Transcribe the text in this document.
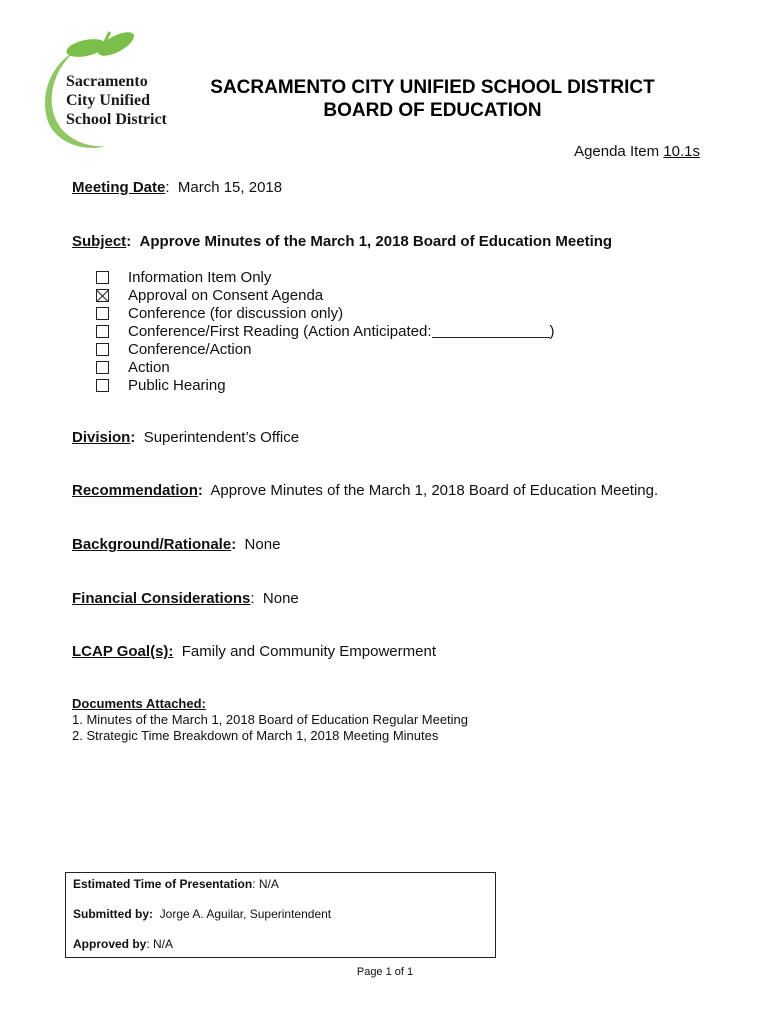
Sacramento
City Unified
School District
SACRAMENTO CITY UNIFIED SCHOOL DISTRICT
BOARD OF EDUCATION
Agenda Item 10.1s
Meeting Date: March 15, 2018
Subject: Approve Minutes of the March 1, 2018 Board of Education Meeting
Information Item Only
Approval on Consent Agenda
Conference (for discussion only)
Conference/First Reading (Action Anticipated:	)
Conference/Action
Action
Public Hearing
Division: Superintendent’s Office
Recommendation: Approve Minutes of the March 1, 2018 Board of Education Meeting.
Background/Rationale: None
Financial Considerations: None
LCAP Goal(s): Family and Community Empowerment
Documents Attached:
1. Minutes of the March 1, 2018 Board of Education Regular Meeting
2. Strategic Time Breakdown of March 1, 2018 Meeting Minutes
Estimated Time of Presentation: N/A
Submitted by: Jorge A. Aguilar, Superintendent
Approved by: N/A
Page 1 of 1
